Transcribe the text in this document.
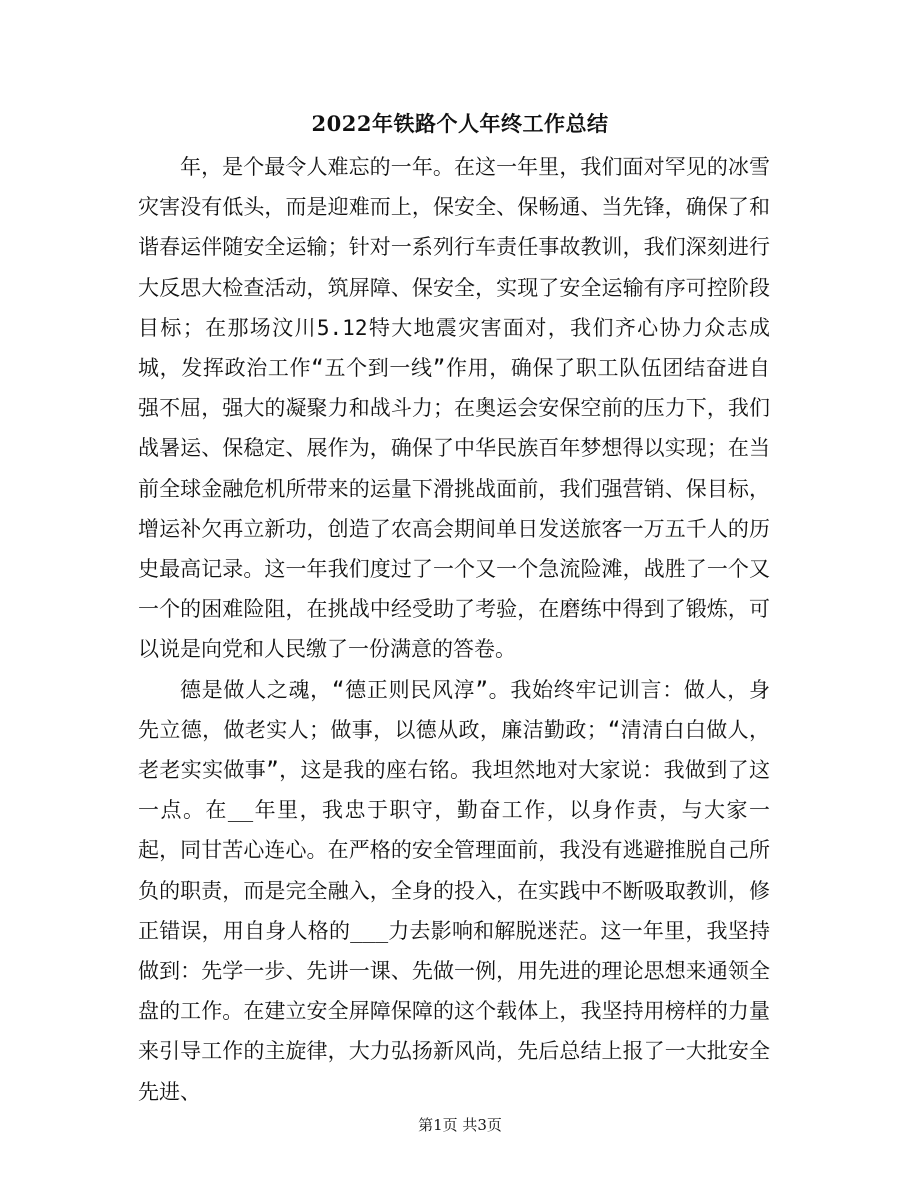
2022年铁路个人年终工作总结

年，是个最令人难忘的一年。在这一年里，我们面对罕见的冰雪灾害没有低头，而是迎难而上，保安全、保畅通、当先锋，确保了和谐春运伴随安全运输；针对一系列行车责任事故教训，我们深刻进行大反思大检查活动，筑屏障、保安全，实现了安全运输有序可控阶段目标；在那场汶川5.12特大地震灾害面对，我们齐心协力众志成城，发挥政治工作“五个到一线”作用，确保了职工队伍团结奋进自强不屈，强大的凝聚力和战斗力；在奥运会安保空前的压力下，我们战暑运、保稳定、展作为，确保了中华民族百年梦想得以实现；在当前全球金融危机所带来的运量下滑挑战面前，我们强营销、保目标，增运补欠再立新功，创造了农高会期间单日发送旅客一万五千人的历史最高记录。这一年我们度过了一个又一个急流险滩，战胜了一个又一个的困难险阻，在挑战中经受助了考验，在磨练中得到了锻炼，可以说是向党和人民缴了一份满意的答卷。

德是做人之魂，“德正则民风淳”。我始终牢记训言：做人，身先立德，做老实人；做事，以德从政，廉洁勤政；“清清白白做人，老老实实做事”，这是我的座右铭。我坦然地对大家说：我做到了这一点。在__年里，我忠于职守，勤奋工作，以身作责，与大家一起，同甘苦心连心。在严格的安全管理面前，我没有逃避推脱自己所负的职责，而是完全融入，全身的投入，在实践中不断吸取教训，修正错误，用自身人格的___力去影响和解脱迷茫。这一年里，我坚持做到：先学一步、先讲一课、先做一例，用先进的理论思想来通领全盘的工作。在建立安全屏障保障的这个载体上，我坚持用榜样的力量来引导工作的主旋律，大力弘扬新风尚，先后总结上报了一大批安全先进、

第1页 共3页
